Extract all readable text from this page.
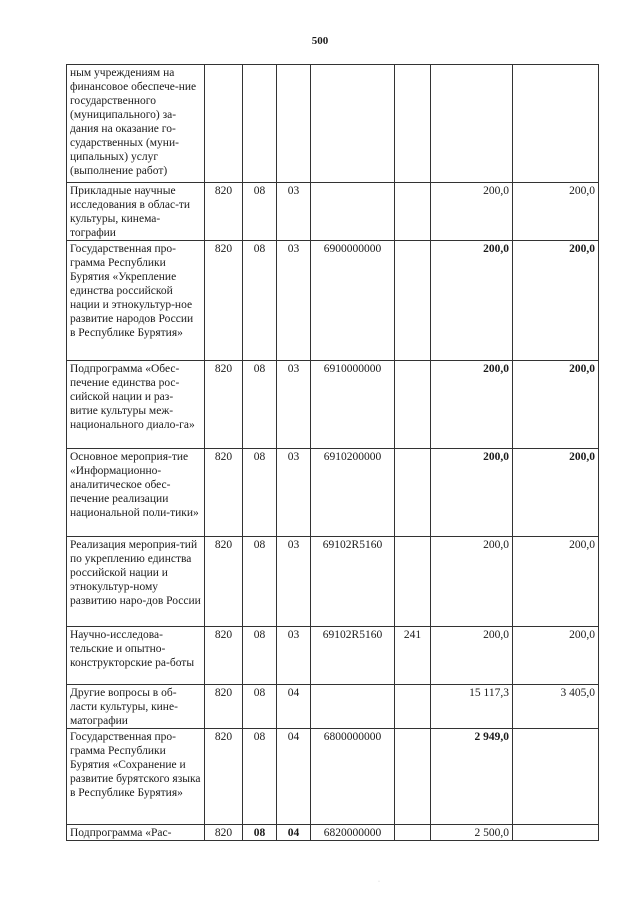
500
ным учреждениям на финансовое обеспече-ние государственного (муниципального) за-дания на оказание го-сударственных (муни-ципальных) услуг (выполнение работ)							
Прикладные научные исследования в облас-ти культуры, кинема-тографии	820	08	03			200,0	200,0
Государственная про-грамма Республики Бурятия «Укрепление единства российской нации и этнокультур-ное развитие народов России в Республике Бурятия»	820	08	03	6900000000		200,0	200,0
Подпрограмма «Обес-печение единства рос-сийской нации и раз-витие культуры меж-национального диало-га»	820	08	03	6910000000		200,0	200,0
Основное мероприя-тие «Информационно-аналитическое обес-печение реализации национальной поли-тики»	820	08	03	6910200000		200,0	200,0
Реализация мероприя-тий по укреплению единства российской нации и этнокультур-ному развитию наро-дов России	820	08	03	69102R5160		200,0	200,0
Научно-исследова-тельские и опытно-конструкторские ра-боты	820	08	03	69102R5160	241	200,0	200,0
Другие вопросы в об-ласти культуры, кине-матографии	820	08	04			15 117,3	3 405,0
Государственная про-грамма Республики Бурятия «Сохранение и развитие бурятского языка в Республике Бурятия»	820	08	04	6800000000		2 949,0	
Подпрограмма «Рас-	820	08	04	6820000000		2 500,0	
·
